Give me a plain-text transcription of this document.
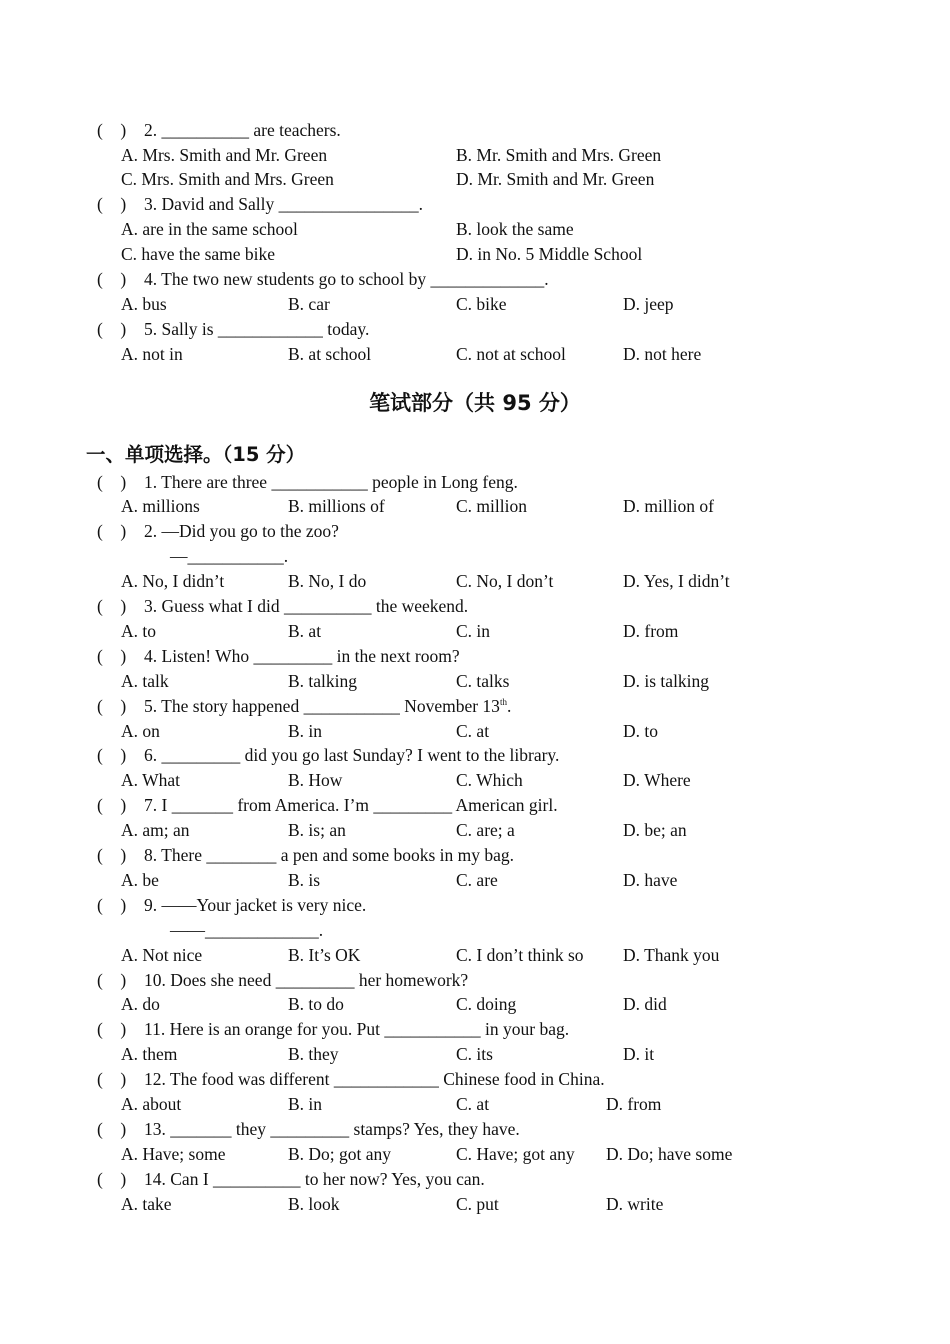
(　) 2. __________ are teachers.
A. Mrs. Smith and Mr. Green	B. Mr. Smith and Mrs. Green
C. Mrs. Smith and Mrs. Green	D. Mr. Smith and Mr. Green
(　) 3. David and Sally ________________.
A. are in the same school	B. look the same
C. have the same bike	D. in No. 5 Middle School
(　) 4. The two new students go to school by _____________.
A. bus	B. car	C. bike	D. jeep
(　) 5. Sally is ____________ today.
A. not in	B. at school	C. not at school	D. not here
笔试部分（共 95 分）
一、单项选择。（15 分）
(　) 1. There are three ___________ people in Long feng.
A. millions	B. millions of	C. million	D. million of
(　) 2. —Did you go to the zoo?
—___________.
A. No, I didn’t	B. No, I do	C. No, I don’t	D. Yes, I didn’t
(　) 3. Guess what I did __________ the weekend.
A. to	B. at	C. in	D. from
(　) 4. Listen! Who _________ in the next room?
A. talk	B. talking	C. talks	D. is talking
(　) 5. The story happened ___________ November 13th.
A. on	B. in	C. at	D. to
(　) 6. _________ did you go last Sunday? I went to the library.
A. What	B. How	C. Which	D. Where
(　) 7. I _______ from America. I’m _________ American girl.
A. am; an	B. is; an	C. are; a	D. be; an
(　) 8. There ________ a pen and some books in my bag.
A. be	B. is	C. are	D. have
(　) 9. ——Your jacket is very nice.
——_____________.
A. Not nice	B. It’s OK	C. I don’t think so D. Thank you
(　) 10. Does she need _________ her homework?
A. do	B. to do	C. doing	D. did
(　) 11. Here is an orange for you. Put ___________ in your bag.
A. them	B. they	C. its	D. it
(　) 12. The food was different ____________ Chinese food in China.
A. about	B. in	C. at	D. from
(　) 13. _______ they _________ stamps? Yes, they have.
A. Have; some	B. Do; got any	C. Have; got any D. Do; have some
(　) 14. Can I __________ to her now? Yes, you can.
A. take	B. look	C. put	D. write
